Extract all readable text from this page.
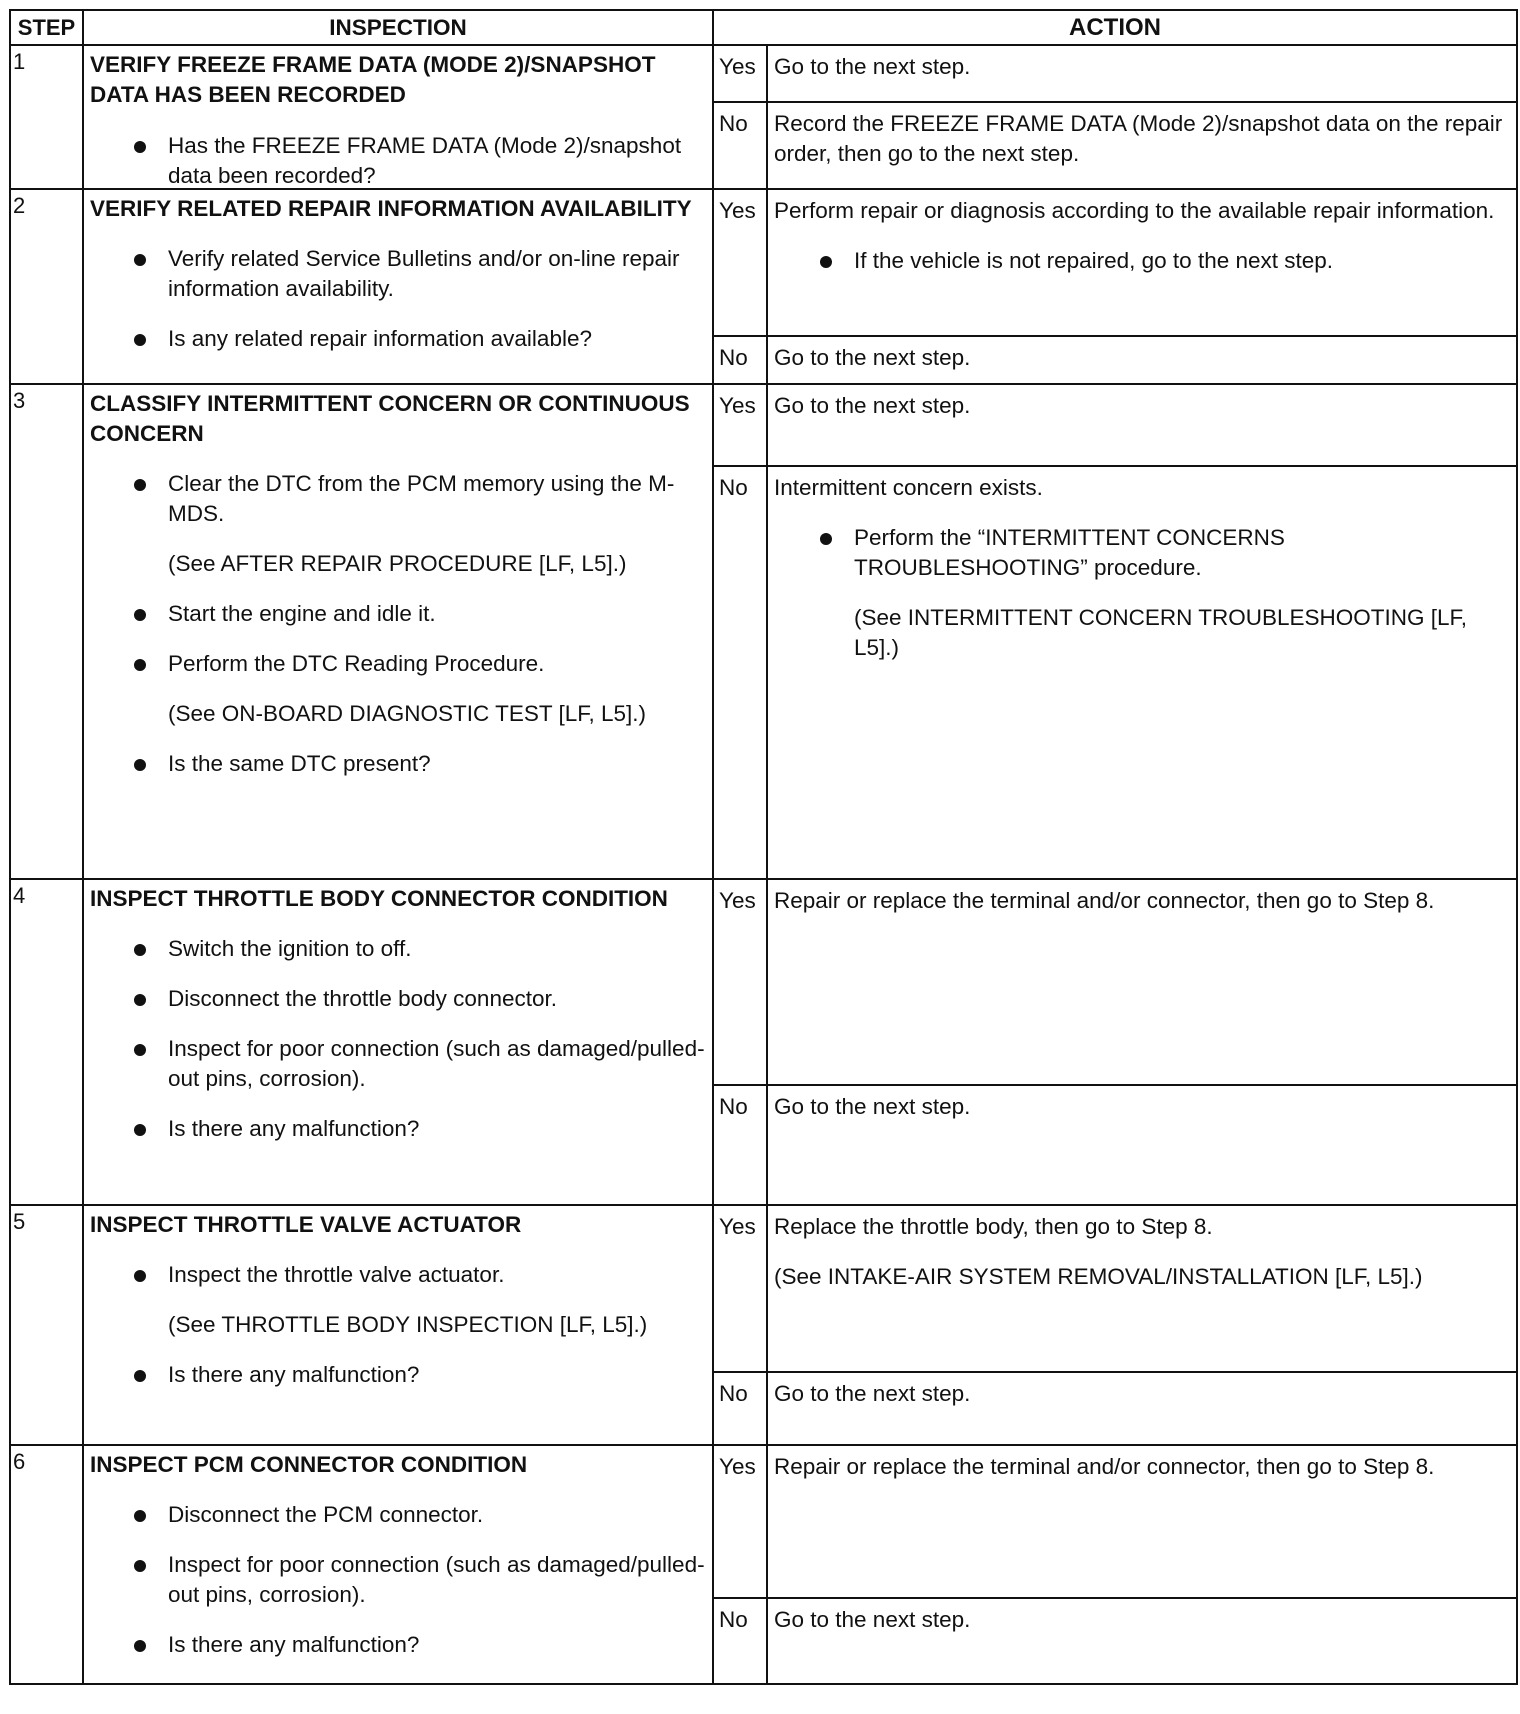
STEP	INSPECTION	ACTION
1	VERIFY FREEZE FRAME DATA (MODE 2)/SNAPSHOT DATA HAS BEEN RECORDED
Has the FREEZE FRAME DATA (Mode 2)/snapshot data been recorded?
Yes Go to the next step.
No	Record the FREEZE FRAME DATA (Mode 2)/snapshot data on the repair order, then go to the next step.
2	VERIFY RELATED REPAIR INFORMATION AVAILABILITY
Verify related Service Bulletins and/or on-line repair information availability.
Is any related repair information available?
Yes Perform repair or diagnosis according to the available repair information.
If the vehicle is not repaired, go to the next step.
No	Go to the next step.
3	CLASSIFY INTERMITTENT CONCERN OR CONTINUOUS CONCERN
Clear the DTC from the PCM memory using the M-MDS.
(See AFTER REPAIR PROCEDURE [LF, L5].)
Start the engine and idle it.
Perform the DTC Reading Procedure.
(See ON-BOARD DIAGNOSTIC TEST [LF, L5].)
Is the same DTC present?
Yes Go to the next step.
No	Intermittent concern exists.
Perform the “INTERMITTENT CONCERNS TROUBLESHOOTING” procedure.
(See INTERMITTENT CONCERN TROUBLESHOOTING [LF, L5].)
4	INSPECT THROTTLE BODY CONNECTOR CONDITION
Switch the ignition to off.
Disconnect the throttle body connector.
Inspect for poor connection (such as damaged/pulled-out pins, corrosion).
Is there any malfunction?
Yes Repair or replace the terminal and/or connector, then go to Step 8.
No	Go to the next step.
5	INSPECT THROTTLE VALVE ACTUATOR
Inspect the throttle valve actuator.
(See THROTTLE BODY INSPECTION [LF, L5].)
Is there any malfunction?
Yes Replace the throttle body, then go to Step 8.
(See INTAKE-AIR SYSTEM REMOVAL/INSTALLATION [LF, L5].)
No	Go to the next step.
6	INSPECT PCM CONNECTOR CONDITION
Disconnect the PCM connector.
Inspect for poor connection (such as damaged/pulled-out pins, corrosion).
Is there any malfunction?
Yes Repair or replace the terminal and/or connector, then go to Step 8.
No	Go to the next step.
